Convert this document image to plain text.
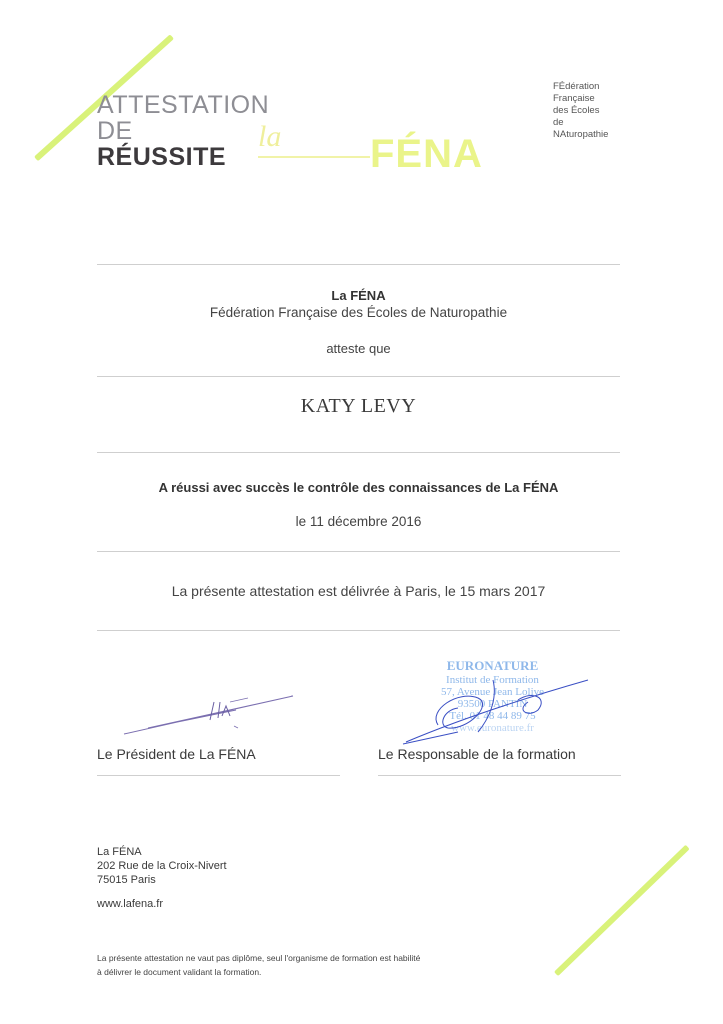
ATTESTATION
DE
RÉUSSITE
la FÉNA
FÉdération
Française
des Écoles
de
NAturopathie
La FÉNA
Fédération Française des Écoles de Naturopathie
atteste que
KATY LEVY
A réussi avec succès le contrôle des connaissances de La FÉNA
le 11 décembre 2016
La présente attestation est délivrée à Paris, le 15 mars 2017
Le Président de La FÉNA
EURONATURE
Institut de Formation
57, Avenue Jean Lolive
93500 PANTIN
Tél. 01 48 44 89 75
www.euronature.fr
Le Responsable de la formation
La FÉNA
202 Rue de la Croix-Nivert
75015 Paris
www.lafena.fr
La présente attestation ne vaut pas diplôme, seul l'organisme de formation est habilité
à délivrer le document validant la formation.
